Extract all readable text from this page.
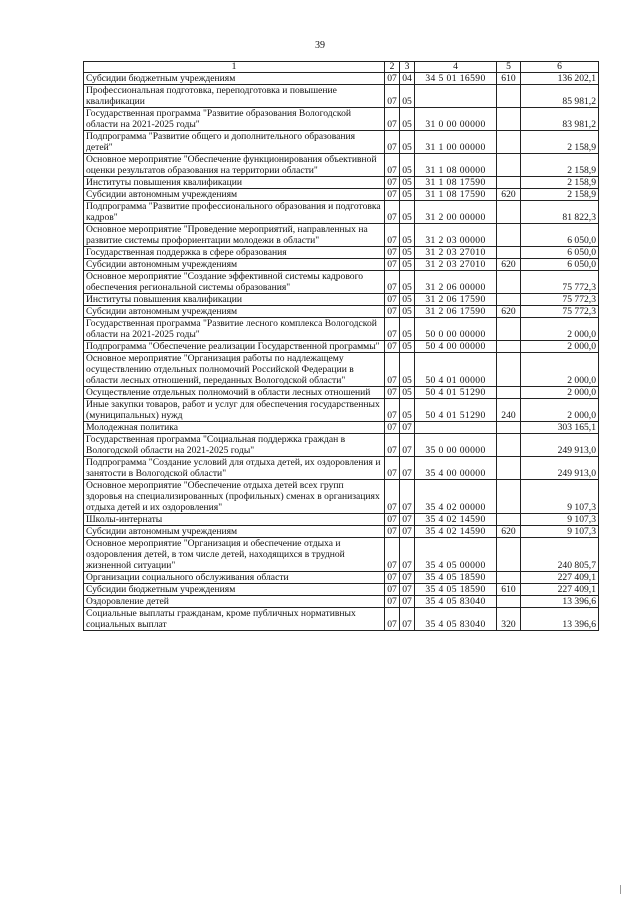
39
1	2	3	4	5	6
Субсидии бюджетным учреждениям	07	04	34 5 01 16590	610	136 202,1
Профессиональная подготовка, переподготовка и повышение квалификации	07	05			85 981,2
Государственная программа "Развитие образования Вологодской области на 2021-2025 годы"	07	05	31 0 00 00000		83 981,2
Подпрограмма "Развитие общего и дополнительного образования детей"	07	05	31 1 00 00000		2 158,9
Основное мероприятие "Обеспечение функционирования объективной оценки результатов образования на территории области"	07	05	31 1 08 00000		2 158,9
Институты повышения квалификации	07	05	31 1 08 17590		2 158,9
Субсидии автономным учреждениям	07	05	31 1 08 17590	620	2 158,9
Подпрограмма "Развитие профессионального образования и подготовка кадров"	07	05	31 2 00 00000		81 822,3
Основное мероприятие "Проведение мероприятий, направленных на развитие системы профориентации молодежи в области"	07	05	31 2 03 00000		6 050,0
Государственная поддержка в сфере образования	07	05	31 2 03 27010		6 050,0
Субсидии автономным учреждениям	07	05	31 2 03 27010	620	6 050,0
Основное мероприятие "Создание эффективной системы кадрового обеспечения региональной системы образования"	07	05	31 2 06 00000		75 772,3
Институты повышения квалификации	07	05	31 2 06 17590		75 772,3
Субсидии автономным учреждениям	07	05	31 2 06 17590	620	75 772,3
Государственная программа "Развитие лесного комплекса Вологодской области на 2021-2025 годы"	07	05	50 0 00 00000		2 000,0
Подпрограмма "Обеспечение реализации Государственной программы"	07	05	50 4 00 00000		2 000,0
Основное мероприятие "Организация работы по надлежащему осуществлению отдельных полномочий Российской Федерации в области лесных отношений, переданных Вологодской области"	07	05	50 4 01 00000		2 000,0
Осуществление отдельных полномочий в области лесных отношений	07	05	50 4 01 51290		2 000,0
Иные закупки товаров, работ и услуг для обеспечения государственных (муниципальных) нужд	07	05	50 4 01 51290	240	2 000,0
Молодежная политика	07	07			303 165,1
Государственная программа "Социальная поддержка граждан в Вологодской области на 2021-2025 годы"	07	07	35 0 00 00000		249 913,0
Подпрограмма "Создание условий для отдыха детей, их оздоровления и занятости в Вологодской области"	07	07	35 4 00 00000		249 913,0
Основное мероприятие "Обеспечение отдыха детей всех групп здоровья на специализированных (профильных) сменах в организациях отдыха детей и их оздоровления"	07	07	35 4 02 00000		9 107,3
Школы-интернаты	07	07	35 4 02 14590		9 107,3
Субсидии автономным учреждениям	07	07	35 4 02 14590	620	9 107,3
Основное мероприятие "Организация и обеспечение отдыха и оздоровления детей, в том числе детей, находящихся в трудной жизненной ситуации"	07	07	35 4 05 00000		240 805,7
Организации социального обслуживания области	07	07	35 4 05 18590		227 409,1
Субсидии бюджетным учреждениям	07	07	35 4 05 18590	610	227 409,1
Оздоровление детей	07	07	35 4 05 83040		13 396,6
Социальные выплаты гражданам, кроме публичных нормативных социальных выплат	07	07	35 4 05 83040	320	13 396,6
